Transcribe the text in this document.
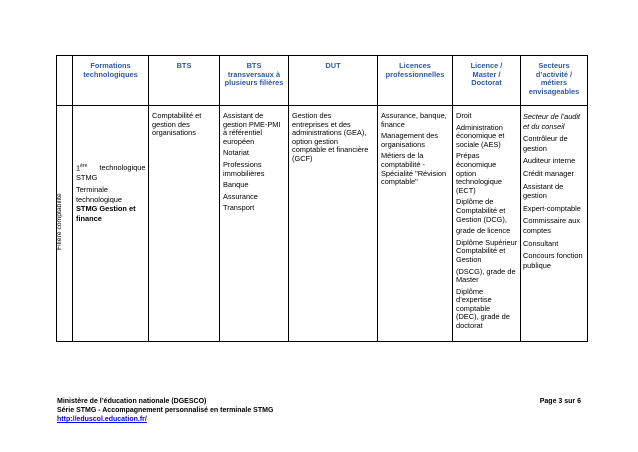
Formations
technologiques
BTS	BTS
transversaux à
plusieurs filières
DUT	Licences
professionnelles
Licence /
Master /
Doctorat
Secteurs
d’activité /
métiers
envisageables
Filière comptabilité
1ère technologique
STMG
Terminale
technologique
STMG Gestion et
finance
Comptabilité et
gestion des
organisations
Assistant de
gestion PME-PMI
à référentiel
européen
Notariat
Professions
immobilières
Banque
Assurance
Transport
Gestion des
entreprises et des
administrations (GEA),
option gestion
comptable et financière
(GCF)
Assurance, banque,
finance
Management des
organisations
Métiers de la
comptabilité -
Spécialité "Révision
comptable"
Droit
Administration
économique et
sociale (AES)
Prépas économique
option technologique
(ECT)
Diplôme de
Comptabilité et
Gestion (DCG),
grade de licence
Diplôme Supérieur
Comptabilité et
Gestion
(DSCG), grade de
Master
Diplôme
d’expertise
comptable
(DEC), grade de
doctorat
Secteur de l’audit
et du conseil
Contrôleur de
gestion
Auditeur interne
Crédit manager
Assistant de
gestion
Expert-comptable
Commissaire aux
comptes
Consultant
Concours fonction
publique
Ministère de l’éducation nationale (DGESCO)
Série STMG - Accompagnement personnalisé en terminale STMG
http://eduscol.education.fr/
Page 3 sur 6
